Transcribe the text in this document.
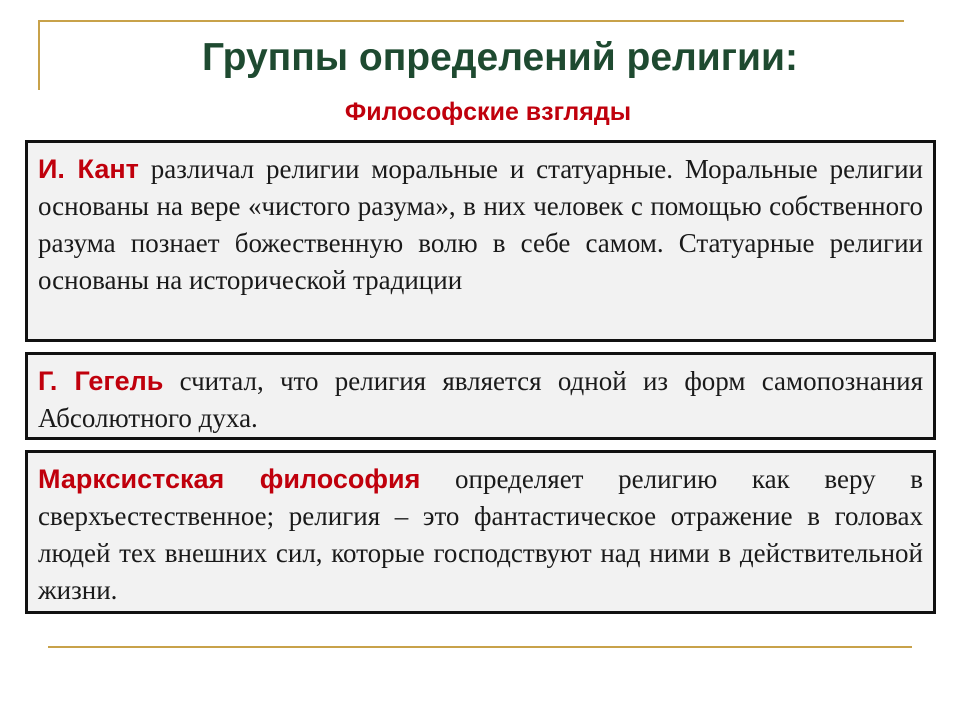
Группы определений религии:
Философские взгляды
И. Кант различал религии моральные и статуарные. Моральные религии основаны на вере «чистого разума», в них человек с помощью собственного разума познает божественную волю в себе самом. Статуарные религии основаны на исторической традиции
Г. Гегель считал, что религия является одной из форм самопознания Абсолютного духа.
Марксистская философия определяет религию как веру в сверхъестественное; религия – это фантастическое отражение в головах людей тех внешних сил, которые господствуют над ними в действительной жизни.
